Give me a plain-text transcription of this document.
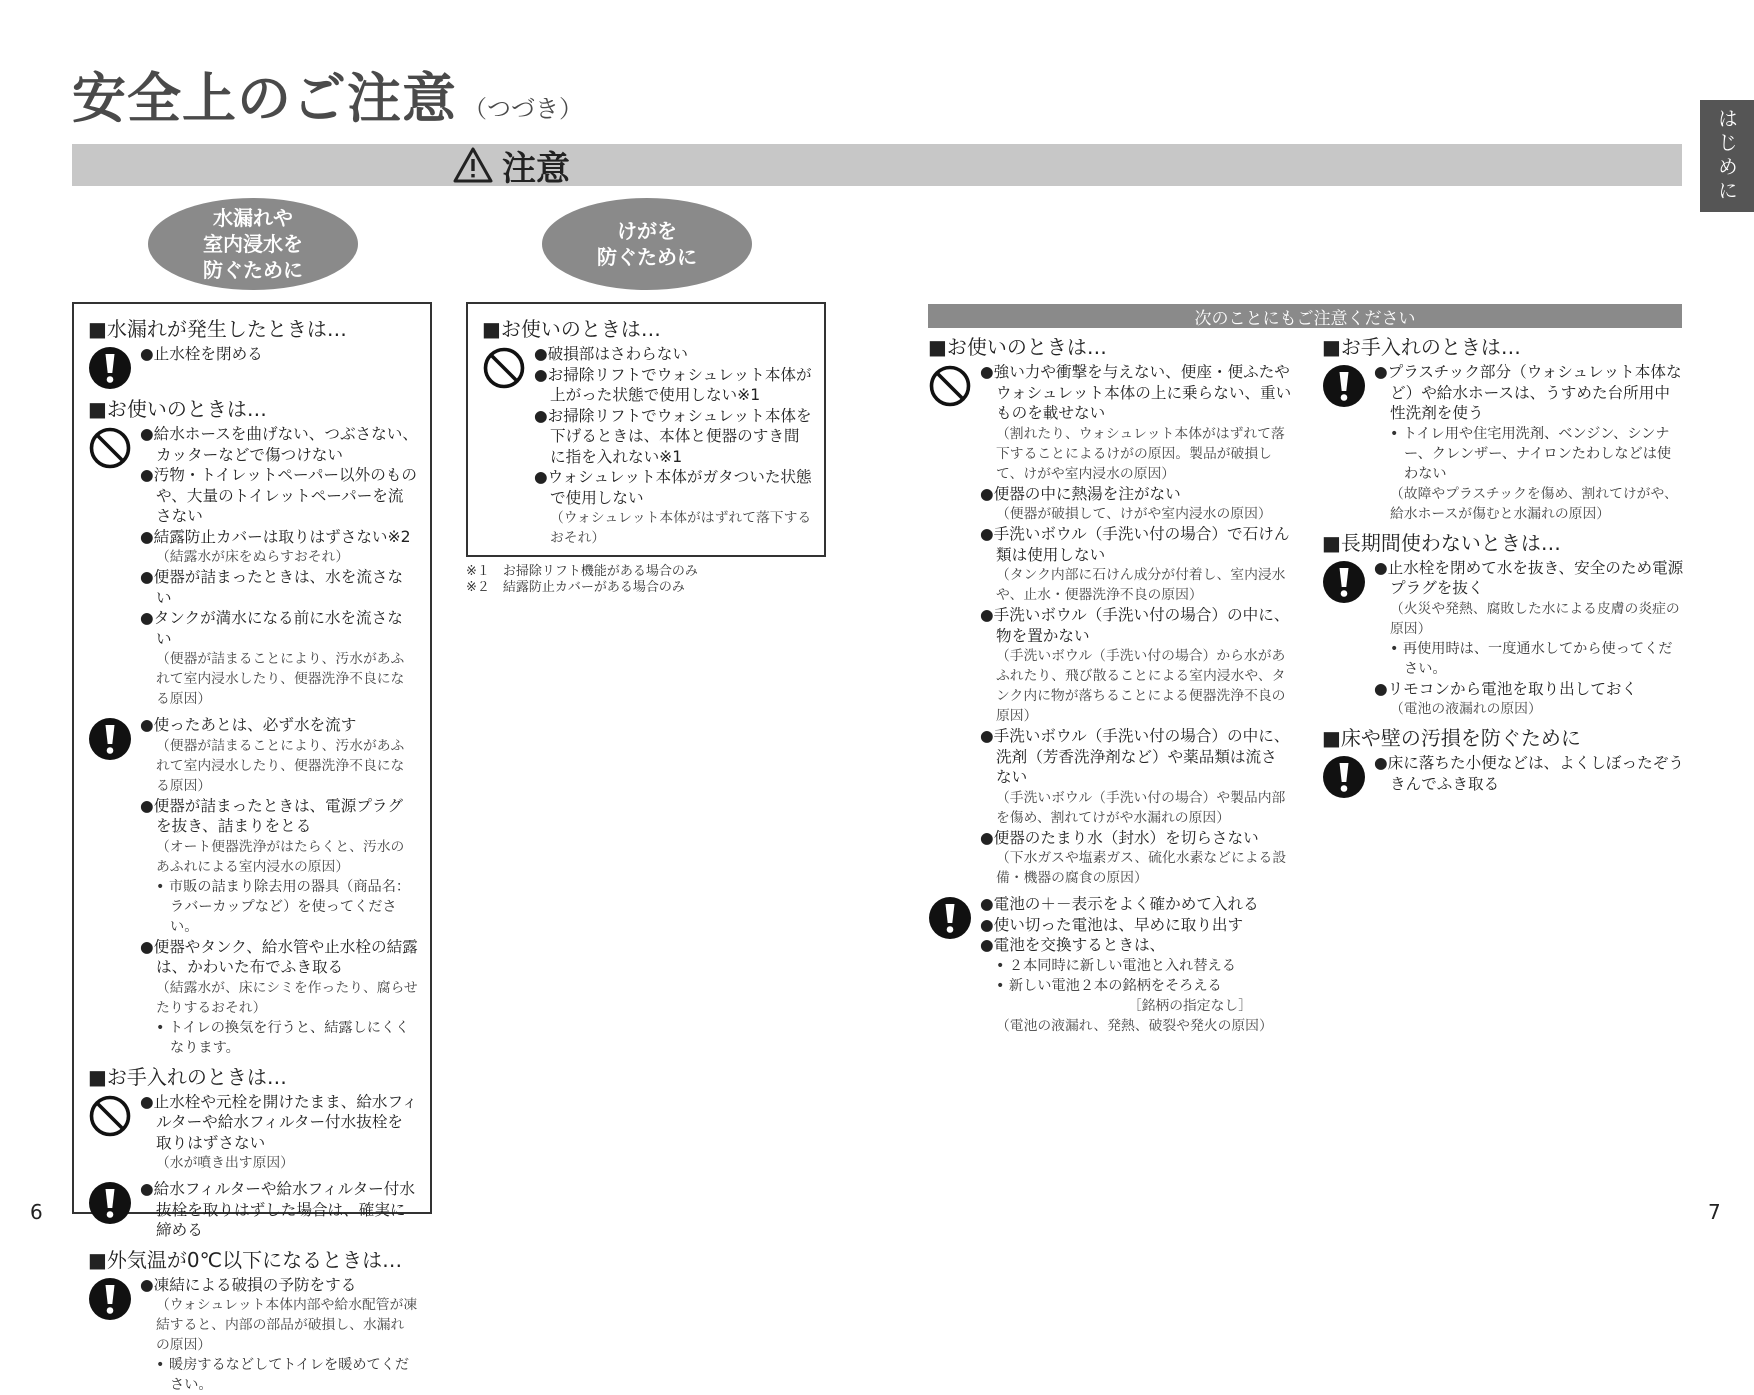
安全上のご注意 （つづき）	はじめに
注意
水漏れや
室内浸水を
防ぐために
けがを
防ぐために
■水漏れが発生したときは…
● 止水栓を閉める
■お使いのときは…
● 給水ホースを曲げない、つぶさない、カッターなどで傷つけない
● 汚物・トイレットペーパー以外のものや、大量のトイレットペーパーを流さない
● 結露防止カバーは取りはずさない※2
（結露水が床をぬらすおそれ）
● 便器が詰まったときは、水を流さない
● タンクが満水になる前に水を流さない
（便器が詰まることにより、汚水があふれて室内浸水したり、便器洗浄不良になる原因）
● 使ったあとは、必ず水を流す
（便器が詰まることにより、汚水があふれて室内浸水したり、便器洗浄不良になる原因）
● 便器が詰まったときは、電源プラグを抜き、詰まりをとる
（オート便器洗浄がはたらくと、汚水のあふれによる室内浸水の原因）
• 市販の詰まり除去用の器具（商品名：ラバーカップなど）を使ってください。
● 便器やタンク、給水管や止水栓の結露は、かわいた布でふき取る
（結露水が、床にシミを作ったり、腐らせたりするおそれ）
• トイレの換気を行うと、結露しにくくなります。
■お手入れのときは…
● 止水栓や元栓を開けたまま、給水フィルターや給水フィルター付水抜栓を取りはずさない
（水が噴き出す原因）
● 給水フィルターや給水フィルター付水抜栓を取りはずした場合は、確実に締める
■外気温が0℃以下になるときは…
● 凍結による破損の予防をする
（ウォシュレット本体内部や給水配管が凍結すると、内部の部品が破損し、水漏れの原因）
• 暖房するなどしてトイレを暖めてください。
■お使いのときは…
● 破損部はさわらない
● お掃除リフトでウォシュレット本体が上がった状態で使用しない※1
● お掃除リフトでウォシュレット本体を下げるときは、本体と便器のすき間に指を入れない※1
● ウォシュレット本体がガタついた状態で使用しない
（ウォシュレット本体がはずれて落下するおそれ）
※１　お掃除リフト機能がある場合のみ
※２　結露防止カバーがある場合のみ
次のことにもご注意ください
■お使いのときは…
● 強い力や衝撃を与えない、便座・便ふたやウォシュレット本体の上に乗らない、重いものを載せない
（割れたり、ウォシュレット本体がはずれて落下することによるけがの原因。製品が破損して、けがや室内浸水の原因）
● 便器の中に熱湯を注がない
（便器が破損して、けがや室内浸水の原因）
● 手洗いボウル（手洗い付の場合）で石けん類は使用しない
（タンク内部に石けん成分が付着し、室内浸水や、止水・便器洗浄不良の原因）
● 手洗いボウル（手洗い付の場合）の中に、物を置かない
（手洗いボウル（手洗い付の場合）から水があふれたり、飛び散ることによる室内浸水や、タンク内に物が落ちることによる便器洗浄不良の原因）
● 手洗いボウル（手洗い付の場合）の中に、洗剤（芳香洗浄剤など）や薬品類は流さない
（手洗いボウル（手洗い付の場合）や製品内部を傷め、割れてけがや水漏れの原因）
● 便器のたまり水（封水）を切らさない
（下水ガスや塩素ガス、硫化水素などによる設備・機器の腐食の原因）
● 電池の＋－表示をよく確かめて入れる
● 使い切った電池は、早めに取り出す
● 電池を交換するときは、
• ２本同時に新しい電池と入れ替える
• 新しい電池２本の銘柄をそろえる
［銘柄の指定なし］
（電池の液漏れ、発熱、破裂や発火の原因）
■お手入れのときは…
● プラスチック部分（ウォシュレット本体など）や給水ホースは、うすめた台所用中性洗剤を使う
• トイレ用や住宅用洗剤、ベンジン、シンナー、クレンザー、ナイロンたわしなどは使わない
（故障やプラスチックを傷め、割れてけがや、給水ホースが傷むと水漏れの原因）
■長期間使わないときは…
● 止水栓を閉めて水を抜き、安全のため電源プラグを抜く
（火災や発熱、腐敗した水による皮膚の炎症の原因）
• 再使用時は、一度通水してから使ってください。
● リモコンから電池を取り出しておく
（電池の液漏れの原因）
■床や壁の汚損を防ぐために
● 床に落ちた小便などは、よくしぼったぞうきんでふき取る
6	7
